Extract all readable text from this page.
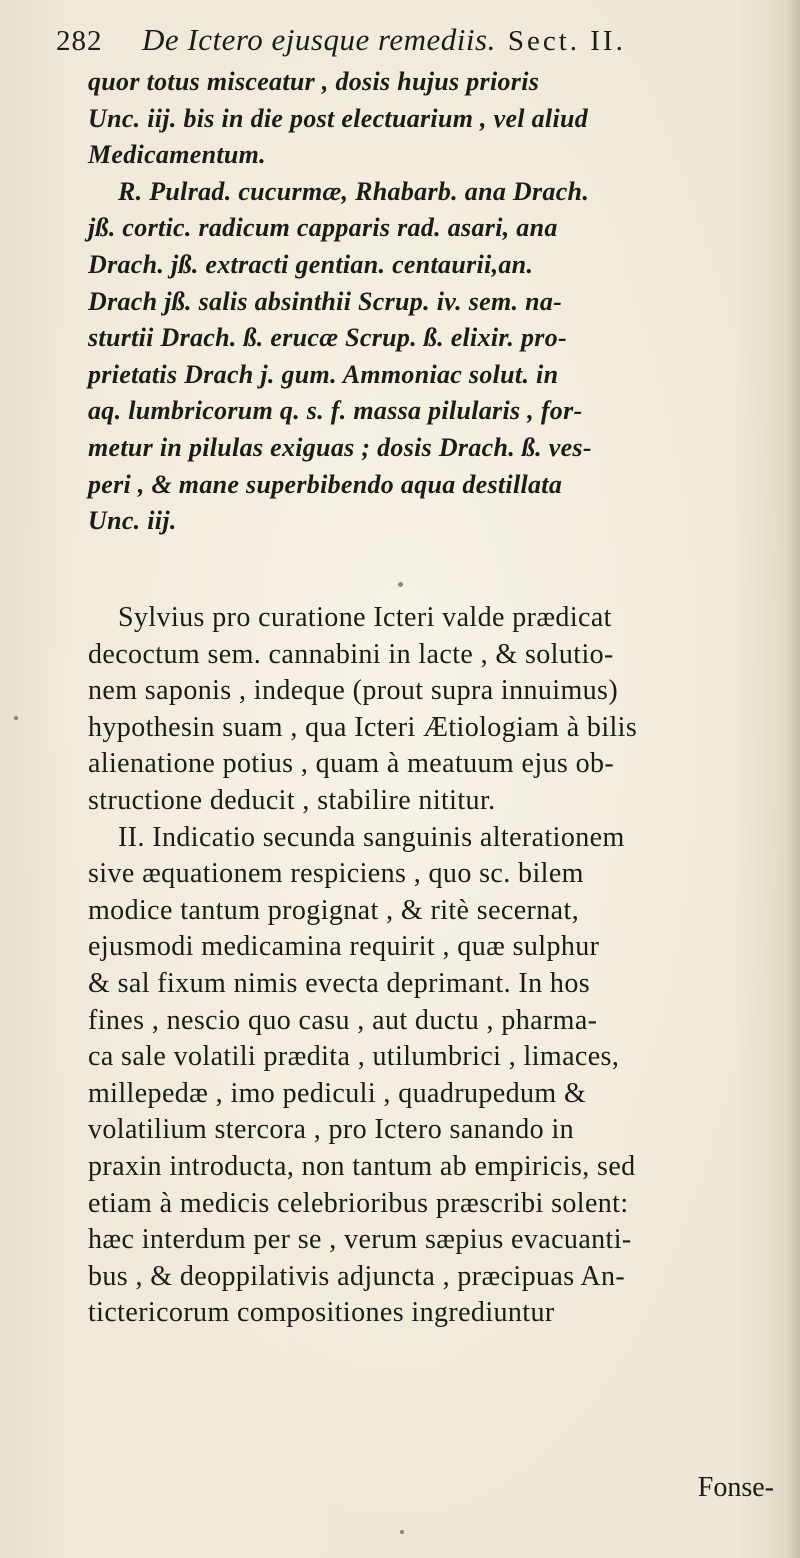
282	De Ictero ejusque remediis. Sect. II.
quor totus misceatur , dosis hujus prioris
Unc. iij. bis in die post electuarium , vel aliud
Medicamentum.
R. Pulrad. cucurmæ, Rhabarb. ana Drach.
jß. cortic. radicum capparis rad. asari, ana
Drach. jß. extracti gentian. centaurii,an.
Drach jß. salis absinthii Scrup. iv. sem. na-
sturtii Drach. ß. erucæ Scrup. ß. elixir. pro-
prietatis Drach j. gum. Ammoniac solut. in
aq. lumbricorum q. s. f. massa pilularis , for-
metur in pilulas exiguas ; dosis Drach. ß. ves-
peri , & mane superbibendo aqua destillata
Unc. iij.
Sylvius pro curatione Icteri valde prædicat
decoctum sem. cannabini in lacte , & solutio-
nem saponis , indeque (prout supra innuimus)
hypothesin suam , qua Icteri Ætiologiam à bilis
alienatione potius , quam à meatuum ejus ob-
structione deducit , stabilire nititur.
II. Indicatio secunda sanguinis alterationem
sive æquationem respiciens , quo sc. bilem
modice tantum progignat , & ritè secernat,
ejusmodi medicamina requirit , quæ sulphur
& sal fixum nimis evecta deprimant. In hos
fines , nescio quo casu , aut ductu , pharma-
ca sale volatili prædita , utilumbrici , limaces,
millepedæ , imo pediculi , quadrupedum &
volatilium stercora , pro Ictero sanando in
praxin introducta, non tantum ab empiricis, sed
etiam à medicis celebrioribus præscribi solent:
hæc interdum per se , verum sæpius evacuanti-
bus , & deoppilativis adjuncta , præcipuas An-
tictericorum compositiones ingrediuntur
Fonse-
